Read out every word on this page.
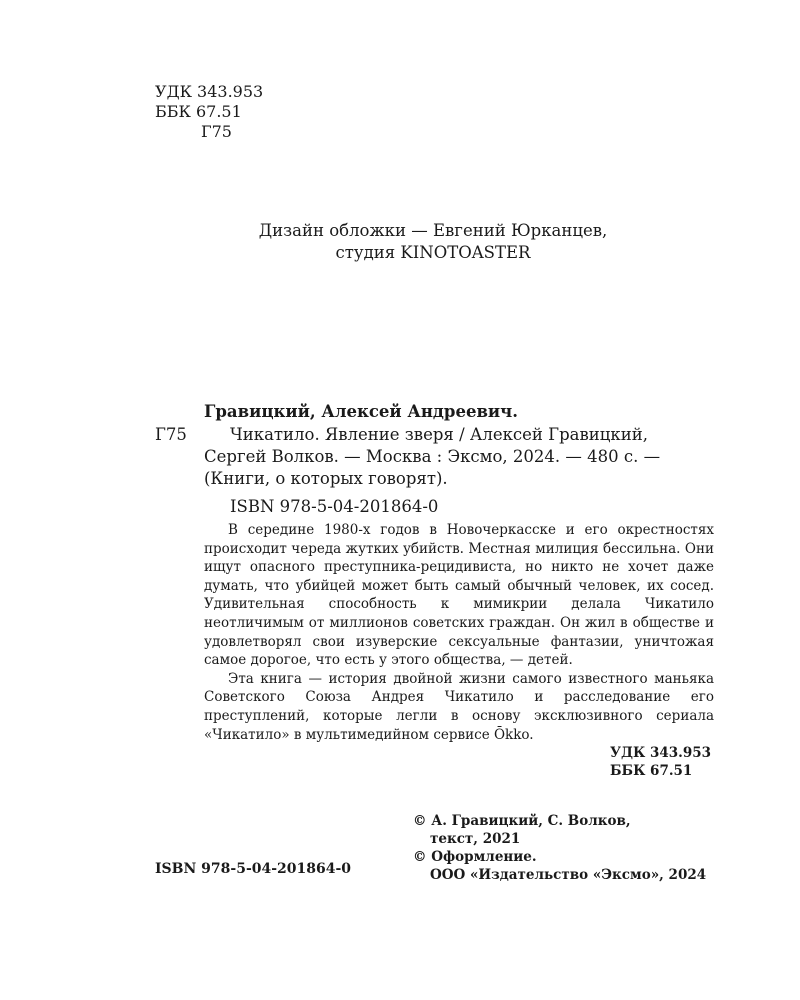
УДК 343.953
ББК 67.51
Г75
Дизайн обложки — Евгений Юрканцев,
студия KINOTOASTER
Гравицкий, Алексей Андреевич.
Г75	Чикатило. Явление зверя / Алексей Гравицкий,
Сергей Волков. — Москва : Эксмо, 2024. — 480 с. —
(Книги, о которых говорят).
ISBN 978-5-04-201864-0

В середине 1980-х годов в Новочеркасске и его окрестностях происходит череда жутких убийств. Местная милиция бессильна. Они ищут опасного преступника-рецидивиста, но никто не хочет даже думать, что убийцей может быть самый обычный человек, их сосед. Удивительная способность к мимикрии делала Чикатило неотличимым от миллионов советских граждан. Он жил в обществе и удовлетворял свои изуверские сексуальные фантазии, уничтожая самое дорогое, что есть у этого общества, — детей.

Эта книга — история двойной жизни самого известного маньяка Советского Союза Андрея Чикатило и расследование его преступлений, которые легли в основу эксклюзивного сериала «Чикатило» в мультимедийном сервисе Ōkko.

УДК 343.953
ББК 67.51
© А. Гравицкий, С. Волков,
текст, 2021
© Оформление.
ООО «Издательство «Эксмо», 2024
ISBN 978-5-04-201864-0
